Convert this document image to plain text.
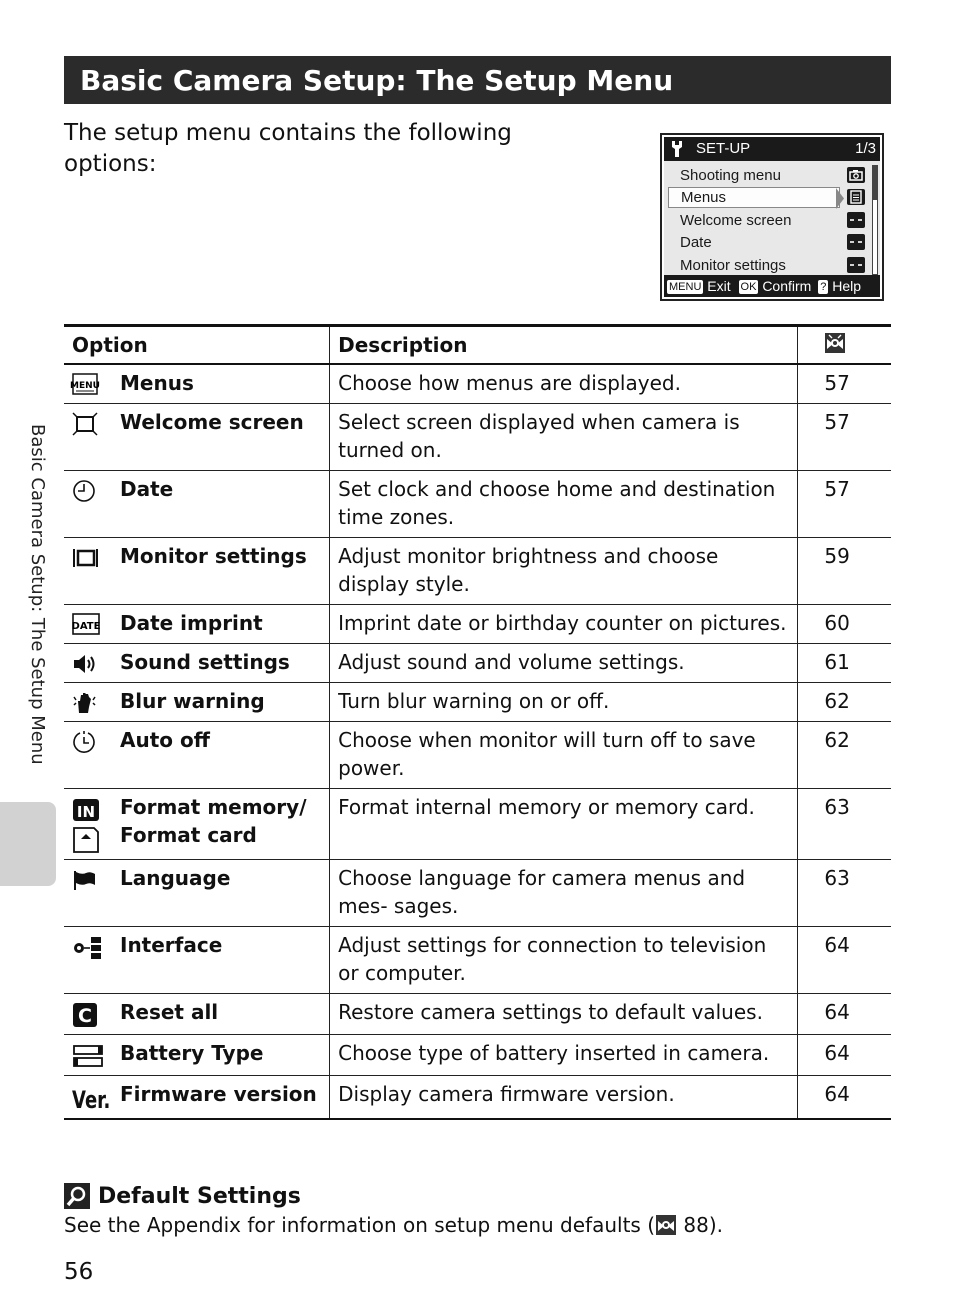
Basic Camera Setup: The Setup Menu
The setup menu contains the following options:
SET-UP	1/3
Shooting menu
Menus
Welcome screen
Date
Monitor settings
MENU Exit OK Confirm ? Help
Option	Description	

MENU Menus	Choose how menus are displayed.	57

Welcome screen	Select screen displayed when camera is turned on.	57

Date	Set clock and choose home and destination time zones.	57

Monitor settings	Adjust monitor brightness and choose display style.	59

DATE Date imprint	Imprint date or birthday counter on pictures.	60

Sound settings	Adjust sound and volume settings.	61

Blur warning	Turn blur warning on or off.	62

Auto off	Choose when monitor will turn off to save power.	62

IN Format memory/ Format card	Format internal memory or memory card.	63

Language	Choose language for camera menus and mes- sages.	63

Interface	Adjust settings for connection to television or computer.	64

C Reset all	Restore camera settings to default values.	64

Battery Type	Choose type of battery inserted in camera.	64

Ver. Firmware version	Display camera firmware version.	64
Basic Camera Setup: The Setup Menu
Default Settings
See the Appendix for information on setup menu defaults ( 88).
56
